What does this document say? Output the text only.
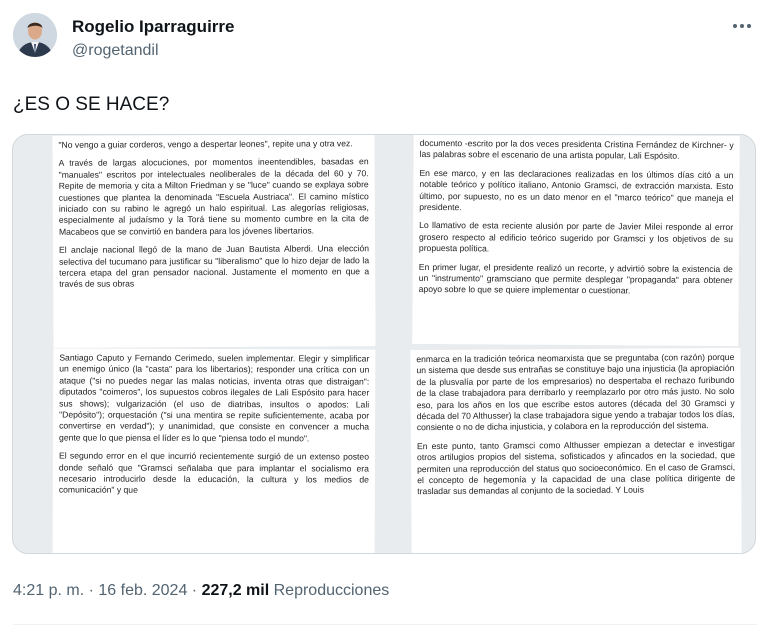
Rogelio Iparraguirre
@rogetandil
¿ES O SE HACE?

"No vengo a guiar corderos, vengo a despertar leones", repite una y otra vez.

A través de largas alocuciones, por momentos ineentendibles, basadas en "manuales" escritos por intelectuales neoliberales de la década del 60 y 70. Repite de memoria y cita a Milton Friedman y se "luce" cuando se explaya sobre cuestiones que plantea la denominada "Escuela Austriaca". El camino místico iniciado con su rabino le agregó un halo espiritual. Las alegorías religiosas, especialmente al judaísmo y la Torá tiene su momento cumbre en la cita de Macabeos que se convirtió en bandera para los jóvenes libertarios.

El anclaje nacional llegó de la mano de Juan Bautista Alberdi. Una elección selectiva del tucumano para justificar su "liberalismo" que lo hizo dejar de lado la tercera etapa del gran pensador nacional. Justamente el momento en que a través de sus obras

documento -escrito por la dos veces presidenta Cristina Fernández de Kirchner- y las palabras sobre el escenario de una artista popular, Lali Espósito.

En ese marco, y en las declaraciones realizadas en los últimos días citó a un notable teórico y político italiano, Antonio Gramsci, de extracción marxista. Esto último, por supuesto, no es un dato menor en el "marco teórico" que maneja el presidente.

Lo llamativo de esta reciente alusión por parte de Javier Milei responde al error grosero respecto al edificio teórico sugerido por Gramsci y los objetivos de su propuesta política.

En primer lugar, el presidente realizó un recorte, y advirtió sobre la existencia de un "instrumento" gramsciano que permite desplegar "propaganda" para obtener apoyo sobre lo que se quiere implementar o cuestionar.

Santiago Caputo y Fernando Cerimedo, suelen implementar. Elegir y simplificar un enemigo único (la "casta" para los libertarios); responder una crítica con un ataque ("si no puedes negar las malas noticias, inventa otras que distraigan": diputados "coimeros", los supuestos cobros ilegales de Lali Espósito para hacer sus shows); vulgarización (el uso de diatribas, insultos o apodos: Lali "Depósito"); orquestación ("si una mentira se repite suficientemente, acaba por convertirse en verdad"); y unanimidad, que consiste en convencer a mucha gente que lo que piensa el líder es lo que "piensa todo el mundo".

El segundo error en el que incurrió recientemente surgió de un extenso posteo donde señaló que "Gramsci señalaba que para implantar el socialismo era necesario introducirlo desde la educación, la cultura y los medios de comunicación" y que

enmarca en la tradición teórica neomarxista que se preguntaba (con razón) porque un sistema que desde sus entrañas se constituye bajo una injusticia (la apropiación de la plusvalía por parte de los empresarios) no despertaba el rechazo furibundo de la clase trabajadora para derribarlo y reemplazarlo por otro más justo. No solo eso, para los años en los que escribe estos autores (década del 30 Gramsci y década del 70 Althusser) la clase trabajadora sigue yendo a trabajar todos los días, consiente o no de dicha injusticia, y colabora en la reproducción del sistema.

En este punto, tanto Gramsci como Althusser empiezan a detectar e investigar otros artilugios propios del sistema, sofisticados y afincados en la sociedad, que permiten una reproducción del status quo socioeconómico. En el caso de Gramsci, el concepto de hegemonía y la capacidad de una clase política dirigente de trasladar sus demandas al conjunto de la sociedad. Y Louis

4:21 p. m. · 16 feb. 2024 · 227,2 mil Reproducciones
